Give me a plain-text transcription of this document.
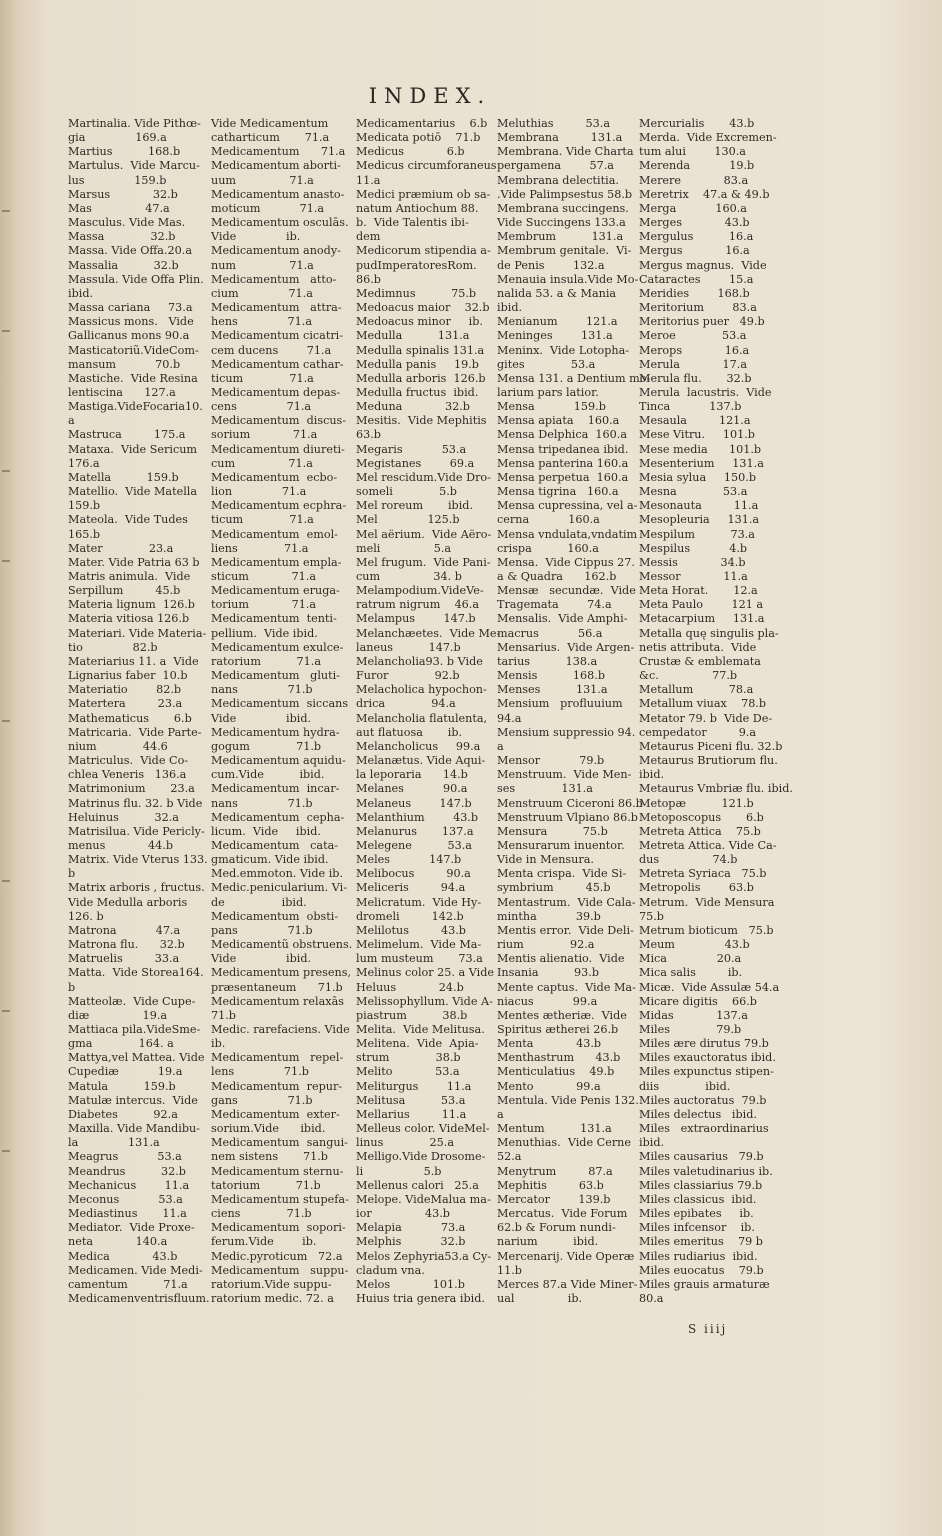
INDEX.
Martinalia. Vide Pithœ-
gia              169.a
Martius          168.b
Martulus.  Vide Marcu-
lus              159.b
Marsus            32.b
Mas               47.a
Masculus. Vide Mas.
Massa             32.b
Massa. Vide Offa.20.a
Massalia          32.b
Massula. Vide Offa Plin.
ibid.
Massa cariana     73.a
Massicus mons.   Vide
Gallicanus mons 90.a
Masticatoriũ.VideCom-
mansum           70.b
Mastiche.  Vide Resina
lentiscina      127.a
Mastiga.VideFocaria10.
a
Mastruca         175.a
Mataxa.  Vide Sericum
176.a
Matella          159.b
Matellio.  Vide Matella
159.b
Mateola.  Vide Tudes
165.b
Mater             23.a
Mater. Vide Patria 63 b
Matris animula.  Vide
Serpillum         45.b
Materia lignum  126.b
Materia vitiosa 126.b
Materiari. Vide Materia-
tio              82.b
Materiarius 11. a  Vide
Lignarius faber  10.b
Materiatio        82.b
Matertera         23.a
Mathematicus       6.b
Matricaria.  Vide Parte-
nium             44.6
Matriculus.  Vide Co-
chlea Veneris   136.a
Matrimonium       23.a
Matrinus flu. 32. b Vide
Heluinus          32.a
Matrisilua. Vide Pericly-
menus            44.b
Matrix. Vide Vterus 133.
b
Matrix arboris , fructus.
Vide Medulla arboris
126. b
Matrona           47.a
Matrona flu.      32.b
Matruelis         33.a
Matta.  Vide Storea164.
b
Matteolæ.  Vide Cupe-
diæ               19.a
Mattiaca pila.VideSme-
gma             164. a
Mattya,vel Mattea. Vide
Cupediæ           19.a
Matula          159.b
Matulæ intercus.  Vide
Diabetes          92.a
Maxilla. Vide Mandibu-
la              131.a
Meagrus           53.a
Meandrus          32.b
Mechanicus        11.a
Meconus           53.a
Mediastinus       11.a
Mediator.  Vide Proxe-
neta            140.a
Medica            43.b
Medicamen. Vide Medi-
camentum          71.a
Medicamenventrisfluum.
Vide Medicamentum
catharticum       71.a
Medicamentum      71.a
Medicamentum aborti-
uum               71.a
Medicamentum anasto-
moticum           71.a
Medicamentum osculās.
Vide              ib.
Medicamentum anody-
num               71.a
Medicamentum   atto-
cium              71.a
Medicamentum   attra-
hens              71.a
Medicamentum cicatri-
cem ducens        71.a
Medicamentum cathar-
ticum             71.a
Medicamentum depas-
cens              71.a
Medicamentum  discus-
sorium            71.a
Medicamentum diureti-
cum               71.a
Medicamentum  ecbo-
lion              71.a
Medicamentum ecphra-
ticum             71.a
Medicamentum  emol-
liens             71.a
Medicamentum empla-
sticum            71.a
Medicamentum eruga-
torium            71.a
Medicamentum  tenti-
pellium.  Vide ibid.
Medicamentum exulce-
ratorium          71.a
Medicamentum   gluti-
nans              71.b
Medicamentum  siccans
Vide              ibid.
Medicamentum hydra-
gogum             71.b
Medicamentum aquidu-
cum.Vide          ibid.
Medicamentum  incar-
nans              71.b
Medicamentum  cepha-
licum.  Vide     ibid.
Medicamentum   cata-
gmaticum. Vide ibid.
Med.emmoton. Vide ib.
Medic.penicularium. Vi-
de                ibid.
Medicamentum  obsti-
pans              71.b
Medicamentũ obstruens.
Vide              ibid.
Medicamentum presens,
præsentaneum      71.b
Medicamentum relaxās
71.b
Medic. rarefaciens. Vide
ib.
Medicamentum   repel-
lens              71.b
Medicamentum  repur-
gans              71.b
Medicamentum  exter-
sorium.Vide      ibid.
Medicamentum  sangui-
nem sistens       71.b
Medicamentum sternu-
tatorium          71.b
Medicamentum stupefa-
ciens             71.b
Medicamentum  sopori-
ferum.Vide        ib.
Medic.pyroticum   72.a
Medicamentum   suppu-
ratorium.Vide suppu-
ratorium medic. 72. a
Medicamentarius    6.b
Medicata potiō    71.b
Medicus            6.b
Medicus circumforaneus
11.a
Medici præmium ob sa-
natum Antiochum 88.
b.  Vide Talentis ibi-
dem
Medicorum stipendia a-
pudImperatoresRom.
86.b
Medimnus          75.b
Medoacus maior    32.b
Medoacus minor     ib.
Medulla          131.a
Medulla spinalis 131.a
Medulla panis     19.b
Medulla arboris  126.b
Medulla fructus  ibid.
Meduna            32.b
Mesitis.  Vide Mephitis
63.b
Megaris           53.a
Megistanes        69.a
Mel rescidum.Vide Dro-
someli             5.b
Mel roreum       ibid.
Mel              125.b
Mel aërium.  Vide Aëro-
meli               5.a
Mel frugum.  Vide Pani-
cum               34. b
Melampodium.VideVe-
ratrum nigrum    46.a
Melampus        147.b
Melanchæetes.  Vide Me-
laneus          147.b
Melancholia93. b Vide
Furor             92.b
Melacholica hypochon-
drica             94.a
Melancholia flatulenta,
aut flatuosa       ib.
Melancholicus     99.a
Melanætus. Vide Aqui-
la leporaria      14.b
Melanes           90.a
Melaneus        147.b
Melanthium        43.b
Melanurus       137.a
Melegene          53.a
Meles           147.b
Melibocus         90.a
Meliceris         94.a
Melicratum.  Vide Hy-
dromeli         142.b
Melilotus         43.b
Melimelum.  Vide Ma-
lum musteum       73.a
Melinus color 25. a Vide
Heluus            24.b
Melissophyllum. Vide A-
piastrum          38.b
Melita.  Vide Melitusa.
Melitena.  Vide  Apia-
strum             38.b
Melito            53.a
Meliturgus        11.a
Melitusa          53.a
Mellarius         11.a
Melleus color. VideMel-
linus             25.a
Melligo.Vide Drosome-
li                 5.b
Mellenus calori   25.a
Melope. VideMalua ma-
ior               43.b
Melapia           73.a
Melphis           32.b
Melos Zephyria53.a Cy-
cladum vna.
Melos            101.b
Huius tria genera ibid.
Meluthias         53.a
Membrana         131.a
Membrana. Vide Charta
pergamena        57.a
Membrana delectitia.
.Vide Palimpsestus 58.b
Membrana succingens.
Vide Succingens 133.a
Membrum          131.a
Membrum genitale.  Vi-
de Penis        132.a
Menauia insula.Vide Mo-
nalida 53. a & Mania
ibid.
Menianum        121.a
Meninges        131.a
Meninx.  Vide Lotopha-
gites             53.a
Mensa 131. a Dentium mo-
larium pars latior.
Mensa           159.b
Mensa apiata    160.a
Mensa Delphica  160.a
Mensa tripedanea ibid.
Mensa panterina 160.a
Mensa perpetua  160.a
Mensa tigrina   160.a
Mensa cupressina, vel a-
cerna           160.a
Mensa vndulata,vndatim
crispa          160.a
Mensa.  Vide Cippus 27.
a & Quadra      162.b
Mensæ   secundæ.  Vide
Tragemata        74.a
Mensalis.  Vide Amphi-
macrus           56.a
Mensarius.  Vide Argen-
tarius          138.a
Mensis          168.b
Menses          131.a
Mensium   profluuium
94.a
Mensium suppressio 94.
a
Mensor           79.b
Menstruum.  Vide Men-
ses             131.a
Menstruum Ciceroni 86.b
Menstruum Vlpiano 86.b
Mensura          75.b
Mensurarum inuentor.
Vide in Mensura.
Menta crispa.  Vide Si-
symbrium         45.b
Mentastrum.  Vide Cala-
mintha           39.b
Mentis error.  Vide Deli-
rium             92.a
Mentis alienatio.  Vide
Insania          93.b
Mente captus.  Vide Ma-
niacus           99.a
Mentes ætheriæ.  Vide
Spiritus ætherei 26.b
Menta            43.b
Menthastrum      43.b
Menticulatius    49.b
Mento            99.a
Mentula. Vide Penis 132.
a
Mentum          131.a
Menuthias.  Vide Cerne
52.a
Menytrum         87.a
Mephitis         63.b
Mercator        139.b
Mercatus.  Vide Forum
62.b & Forum nundi-
narium          ibid.
Mercenarij. Vide Operæ
11.b
Merces 87.a Vide Miner-
ual               ib.
Mercurialis       43.b
Merda.  Vide Excremen-
tum alui        130.a
Merenda           19.b
Merere            83.a
Meretrix    47.a & 49.b
Merga           160.a
Merges            43.b
Mergulus          16.a
Mergus            16.a
Mergus magnus.  Vide
Cataractes        15.a
Meridies        168.b
Meritorium        83.a
Meritorius puer   49.b
Meroe             53.a
Merops            16.a
Merula            17.a
Merula flu.       32.b
Merula  lacustris.  Vide
Tinca           137.b
Mesaula         121.a
Mese Vitru.     101.b
Mese media      101.b
Mesenterium     131.a
Mesia sylua     150.b
Mesna             53.a
Mesonauta         11.a
Mesopleuria     131.a
Mespilum          73.a
Mespilus           4.b
Messis            34.b
Messor            11.a
Meta Horat.       12.a
Meta Paulo        121 a
Metacarpium     131.a
Metalla quę singulis pla-
netis attributa.  Vide
Crustæ & emblemata
&c.               77.b
Metallum          78.a
Metallum viuax    78.b
Metator 79. b  Vide De-
cempedator         9.a
Metaurus Piceni flu. 32.b
Metaurus Brutiorum flu.
ibid.
Metaurus Vmbriæ flu. ibid.
Metopæ          121.b
Metoposcopus       6.b
Metreta Attica    75.b
Metreta Attica. Vide Ca-
dus               74.b
Metreta Syriaca   75.b
Metropolis        63.b
Metrum.  Vide Mensura
75.b
Metrum bioticum   75.b
Meum              43.b
Mica              20.a
Mica salis         ib.
Micæ.  Vide Assulæ 54.a
Micare digitis    66.b
Midas            137.a
Miles             79.b
Miles ære dirutus 79.b
Miles exauctoratus ibid.
Miles expunctus stipen-
diis             ibid.
Miles auctoratus  79.b
Miles delectus   ibid.
Miles   extraordinarius
ibid.
Miles causarius   79.b
Miles valetudinarius ib.
Miles classiarius 79.b
Miles classicus  ibid.
Miles epibates     ib.
Miles infcensor    ib.
Miles emeritus    79 b
Miles rudiarius  ibid.
Miles euocatus    79.b
Miles grauis armaturæ
80.a
S iiij
